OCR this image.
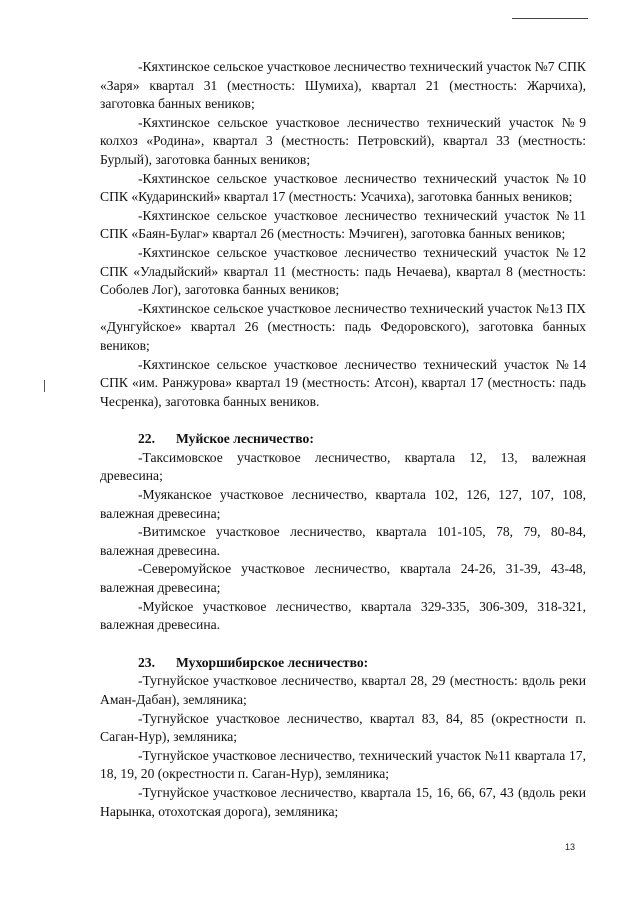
-Кяхтинское сельское участковое лесничество технический участок №7 СПК «Заря» квартал 31 (местность: Шумиха), квартал 21 (местность: Жарчиха), заготовка банных веников;

-Кяхтинское сельское участковое лесничество технический участок №9 колхоз «Родина», квартал 3 (местность: Петровский), квартал 33 (местность: Бурлый), заготовка банных веников;

-Кяхтинское сельское участковое лесничество технический участок №10 СПК «Кударинский» квартал 17 (местность: Усачиха), заготовка банных веников;

-Кяхтинское сельское участковое лесничество технический участок №11 СПК «Баян-Булаг» квартал 26 (местность: Мэчиген), заготовка банных веников;

-Кяхтинское сельское участковое лесничество технический участок №12 СПК «Уладыйский» квартал 11 (местность: падь Нечаева), квартал 8 (местность: Соболев Лог), заготовка банных веников;

-Кяхтинское сельское участковое лесничество технический участок №13 ПХ «Дунгуйское» квартал 26 (местность: падь Федоровского), заготовка банных веников;

-Кяхтинское сельское участковое лесничество технический участок №14 СПК «им. Ранжурова» квартал 19 (местность: Атсон), квартал 17 (местность: падь Чесренка), заготовка банных веников.

22. Муйское лесничество:

-Таксимовское участковое лесничество, квартала 12, 13, валежная древесина;

-Муяканское участковое лесничество, квартала 102, 126, 127, 107, 108, валежная древесина;

-Витимское участковое лесничество, квартала 101-105, 78, 79, 80-84, валежная древесина.

-Северомуйское участковое лесничество, квартала 24-26, 31-39, 43-48, валежная древесина;

-Муйское участковое лесничество, квартала 329-335, 306-309, 318-321, валежная древесина.

23. Мухоршибирское лесничество:

-Тугнуйское участковое лесничество, квартал 28, 29 (местность: вдоль реки Аман-Дабан), земляника;

-Тугнуйское участковое лесничество, квартал 83, 84, 85 (окрестности п. Саган-Нур), земляника;

-Тугнуйское участковое лесничество, технический участок №11 квартала 17, 18, 19, 20 (окрестности п. Саган-Нур), земляника;

-Тугнуйское участковое лесничество, квартала 15, 16, 66, 67, 43 (вдоль реки Нарынка, отохотская дорога), земляника;

13
